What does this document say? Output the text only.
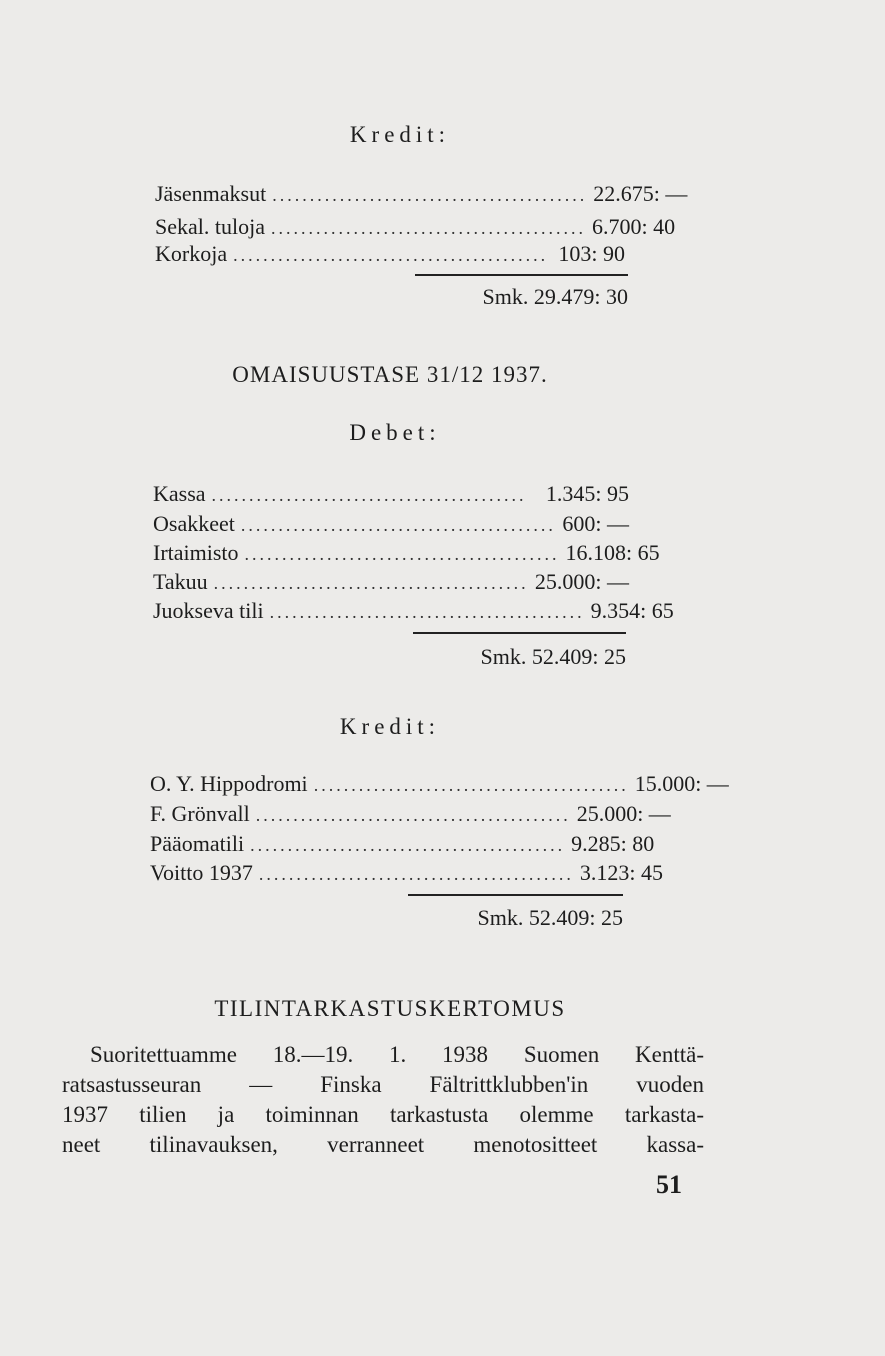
Kredit:
Jäsenmaksut .......................................... 22.675: —
Sekal. tuloja .......................................... 6.700: 40
Korkoja .......................................... 103: 90
Smk. 29.479: 30
OMAISUUSTASE 31/12 1937.
Debet:
Kassa .......................................... 1.345: 95
Osakkeet .......................................... 600: —
Irtaimisto .......................................... 16.108: 65
Takuu .......................................... 25.000: —
Juokseva tili .......................................... 9.354: 65
Smk. 52.409: 25
Kredit:
O. Y. Hippodromi .......................................... 15.000: —
F. Grönvall .......................................... 25.000: —
Pääomatili .......................................... 9.285: 80
Voitto 1937 .......................................... 3.123: 45
Smk. 52.409: 25
TILINTARKASTUSKERTOMUS
Suoritettuamme 18.—19. 1. 1938 Suomen Kenttä-
ratsastusseuran — Finska Fältrittklubben'in vuoden
1937 tilien ja toiminnan tarkastusta olemme tarkasta-
neet tilinavauksen, verranneet menotositteet kassa-
51
